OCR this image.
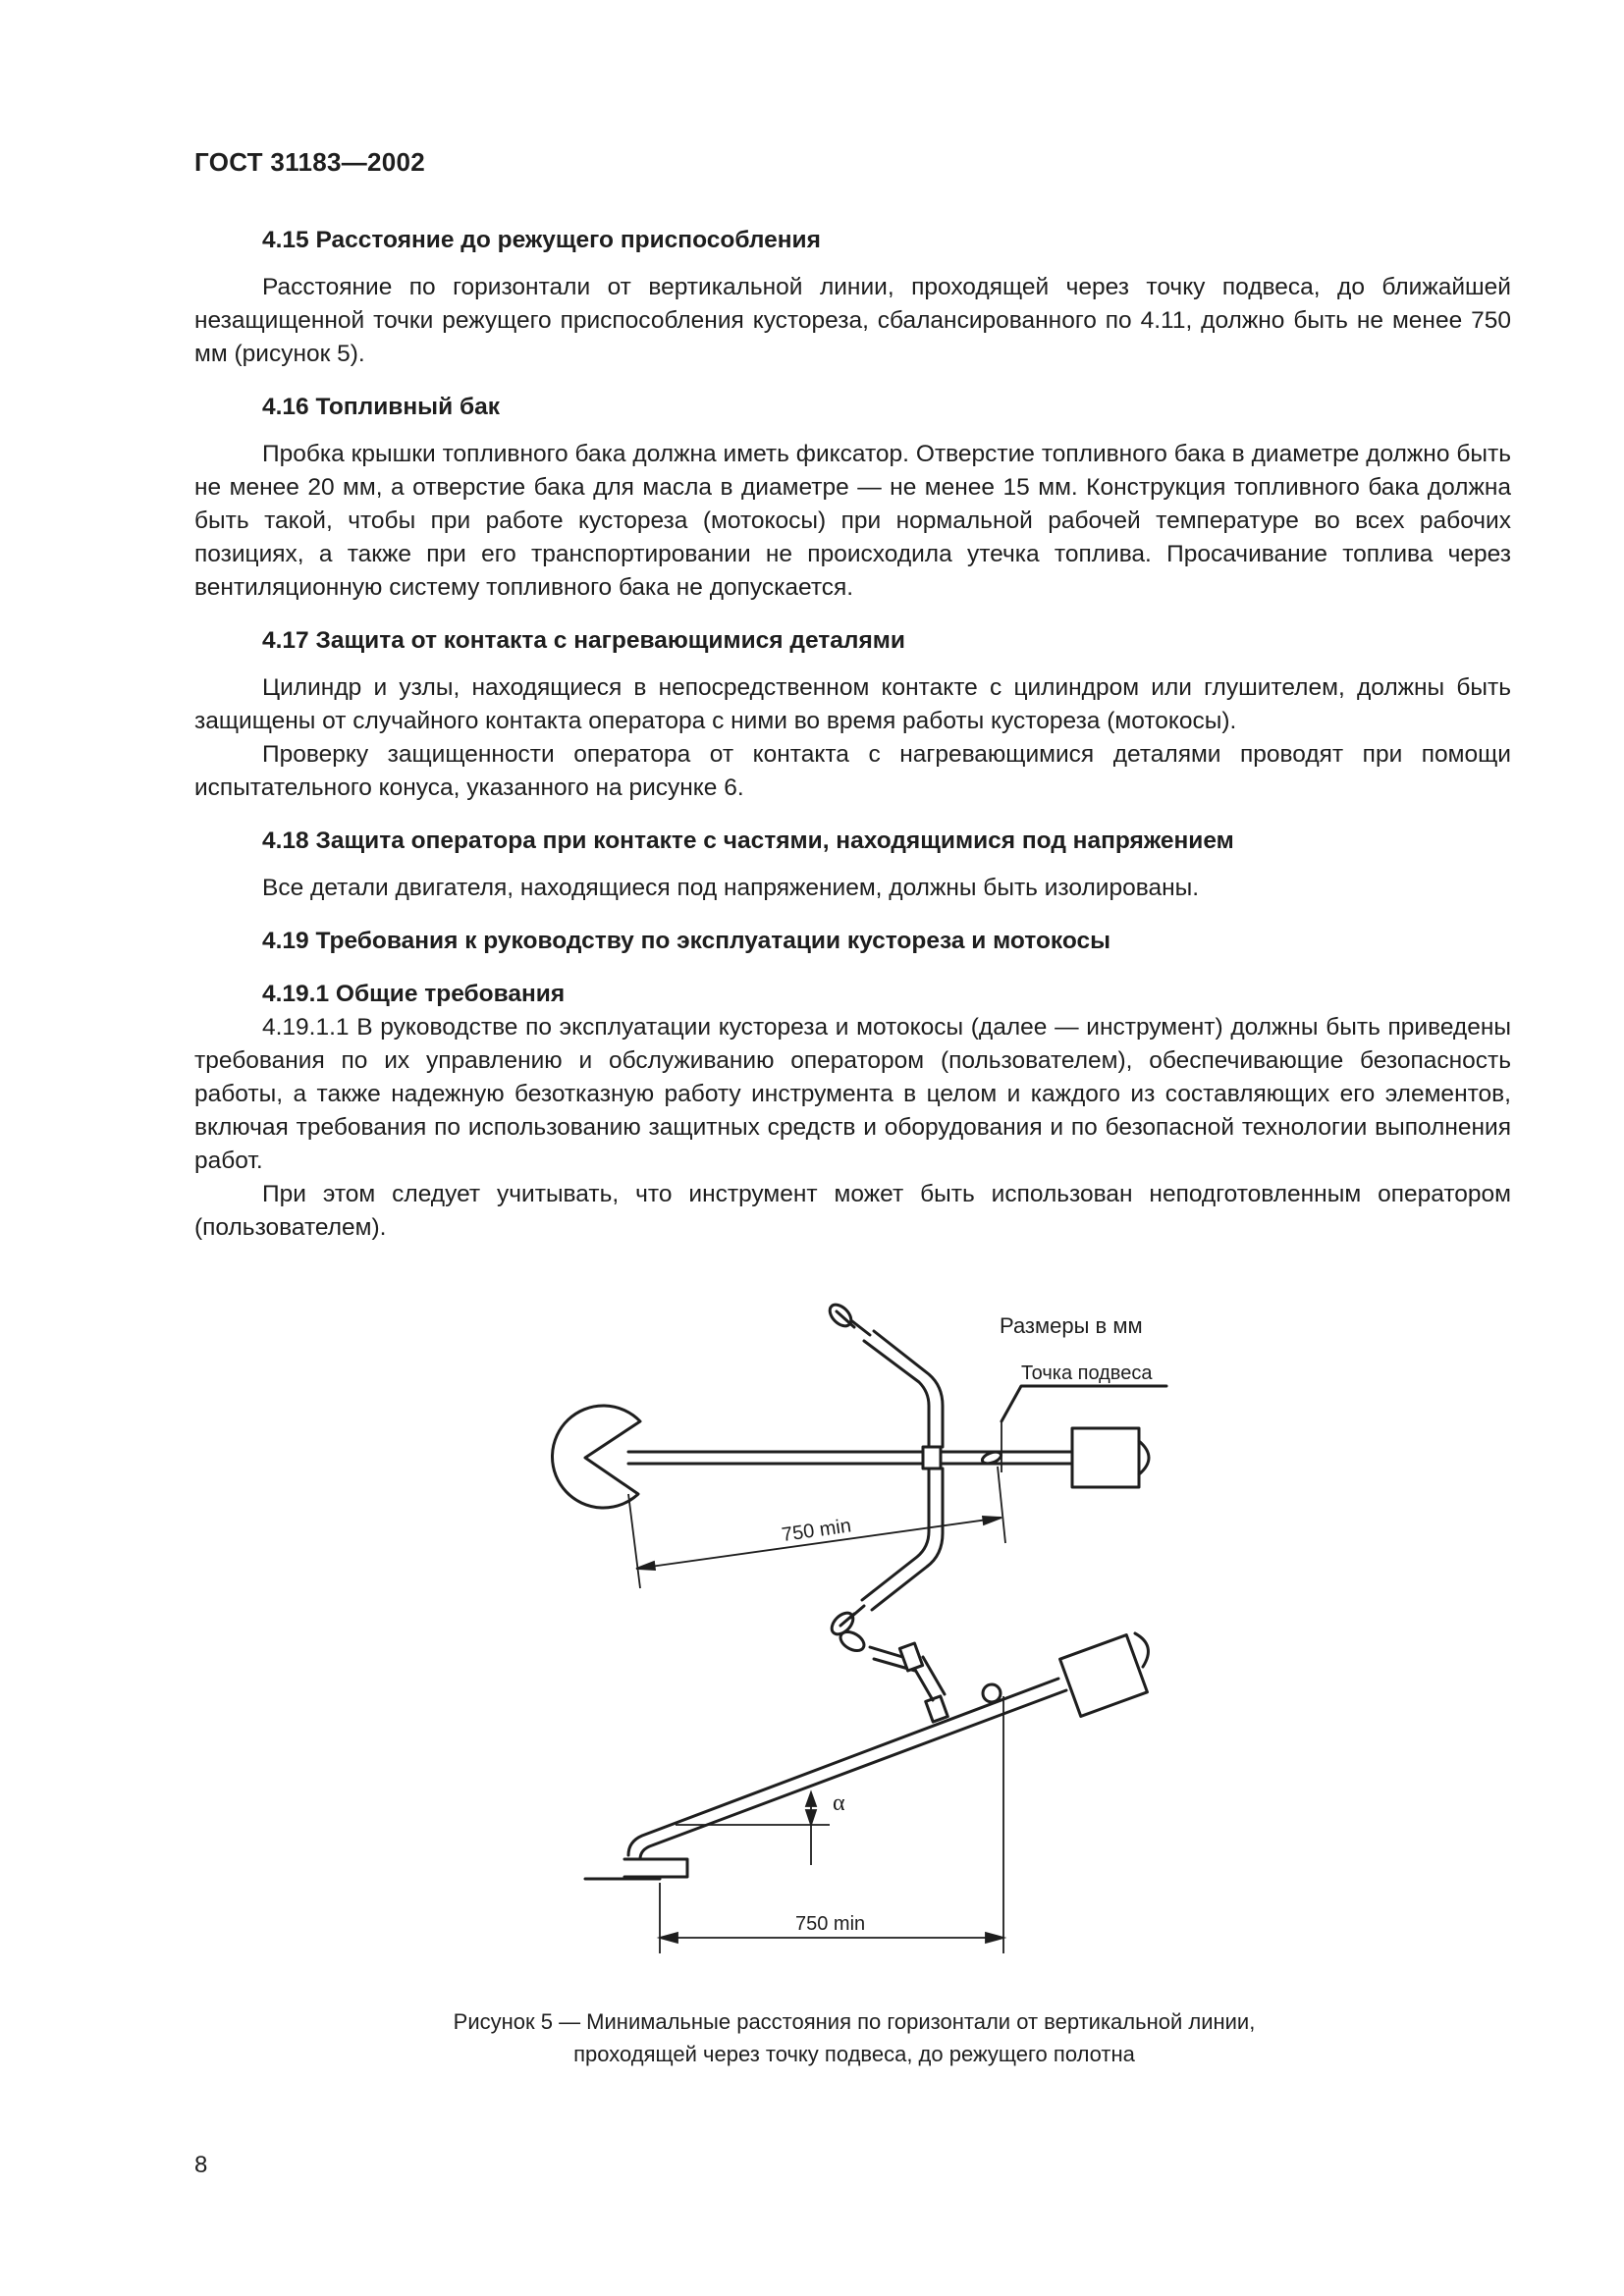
ГОСТ 31183—2002

4.15 Расстояние до режущего приспособления

Расстояние по горизонтали от вертикальной линии, проходящей через точку подвеса, до ближайшей незащищенной точки режущего приспособления кустореза, сбалансированного по 4.11, должно быть не менее 750 мм (рисунок 5).

4.16 Топливный бак

Пробка крышки топливного бака должна иметь фиксатор. Отверстие топливного бака в диаметре должно быть не менее 20 мм, а отверстие бака для масла в диаметре — не менее 15 мм. Конструкция топливного бака должна быть такой, чтобы при работе кустореза (мотокосы) при нормальной рабочей температуре во всех рабочих позициях, а также при его транспортировании не происходила утечка топлива. Просачивание топлива через вентиляционную систему топливного бака не допускается.

4.17 Защита от контакта с нагревающимися деталями

Цилиндр и узлы, находящиеся в непосредственном контакте с цилиндром или глушителем, должны быть защищены от случайного контакта оператора с ними во время работы кустореза (мотокосы).

Проверку защищенности оператора от контакта с нагревающимися деталями проводят при помощи испытательного конуса, указанного на рисунке 6.

4.18 Защита оператора при контакте с частями, находящимися под напряжением

Все детали двигателя, находящиеся под напряжением, должны быть изолированы.

4.19 Требования к руководству по эксплуатации кустореза и мотокосы

4.19.1 Общие требования

4.19.1.1 В руководстве по эксплуатации кустореза и мотокосы (далее — инструмент) должны быть приведены требования по их управлению и обслуживанию оператором (пользователем), обеспечивающие безопасность работы, а также надежную безотказную работу инструмента в целом и каждого из составляющих его элементов, включая требования по использованию защитных средств и оборудования и по безопасной технологии выполнения работ.

При этом следует учитывать, что инструмент может быть использован неподготовленным оператором (пользователем).

Размеры в мм
Точка подвеса
750 min
750 min
α
Рисунок 5 — Минимальные расстояния по горизонтали от вертикальной линии,
проходящей через точку подвеса, до режущего полотна
8
